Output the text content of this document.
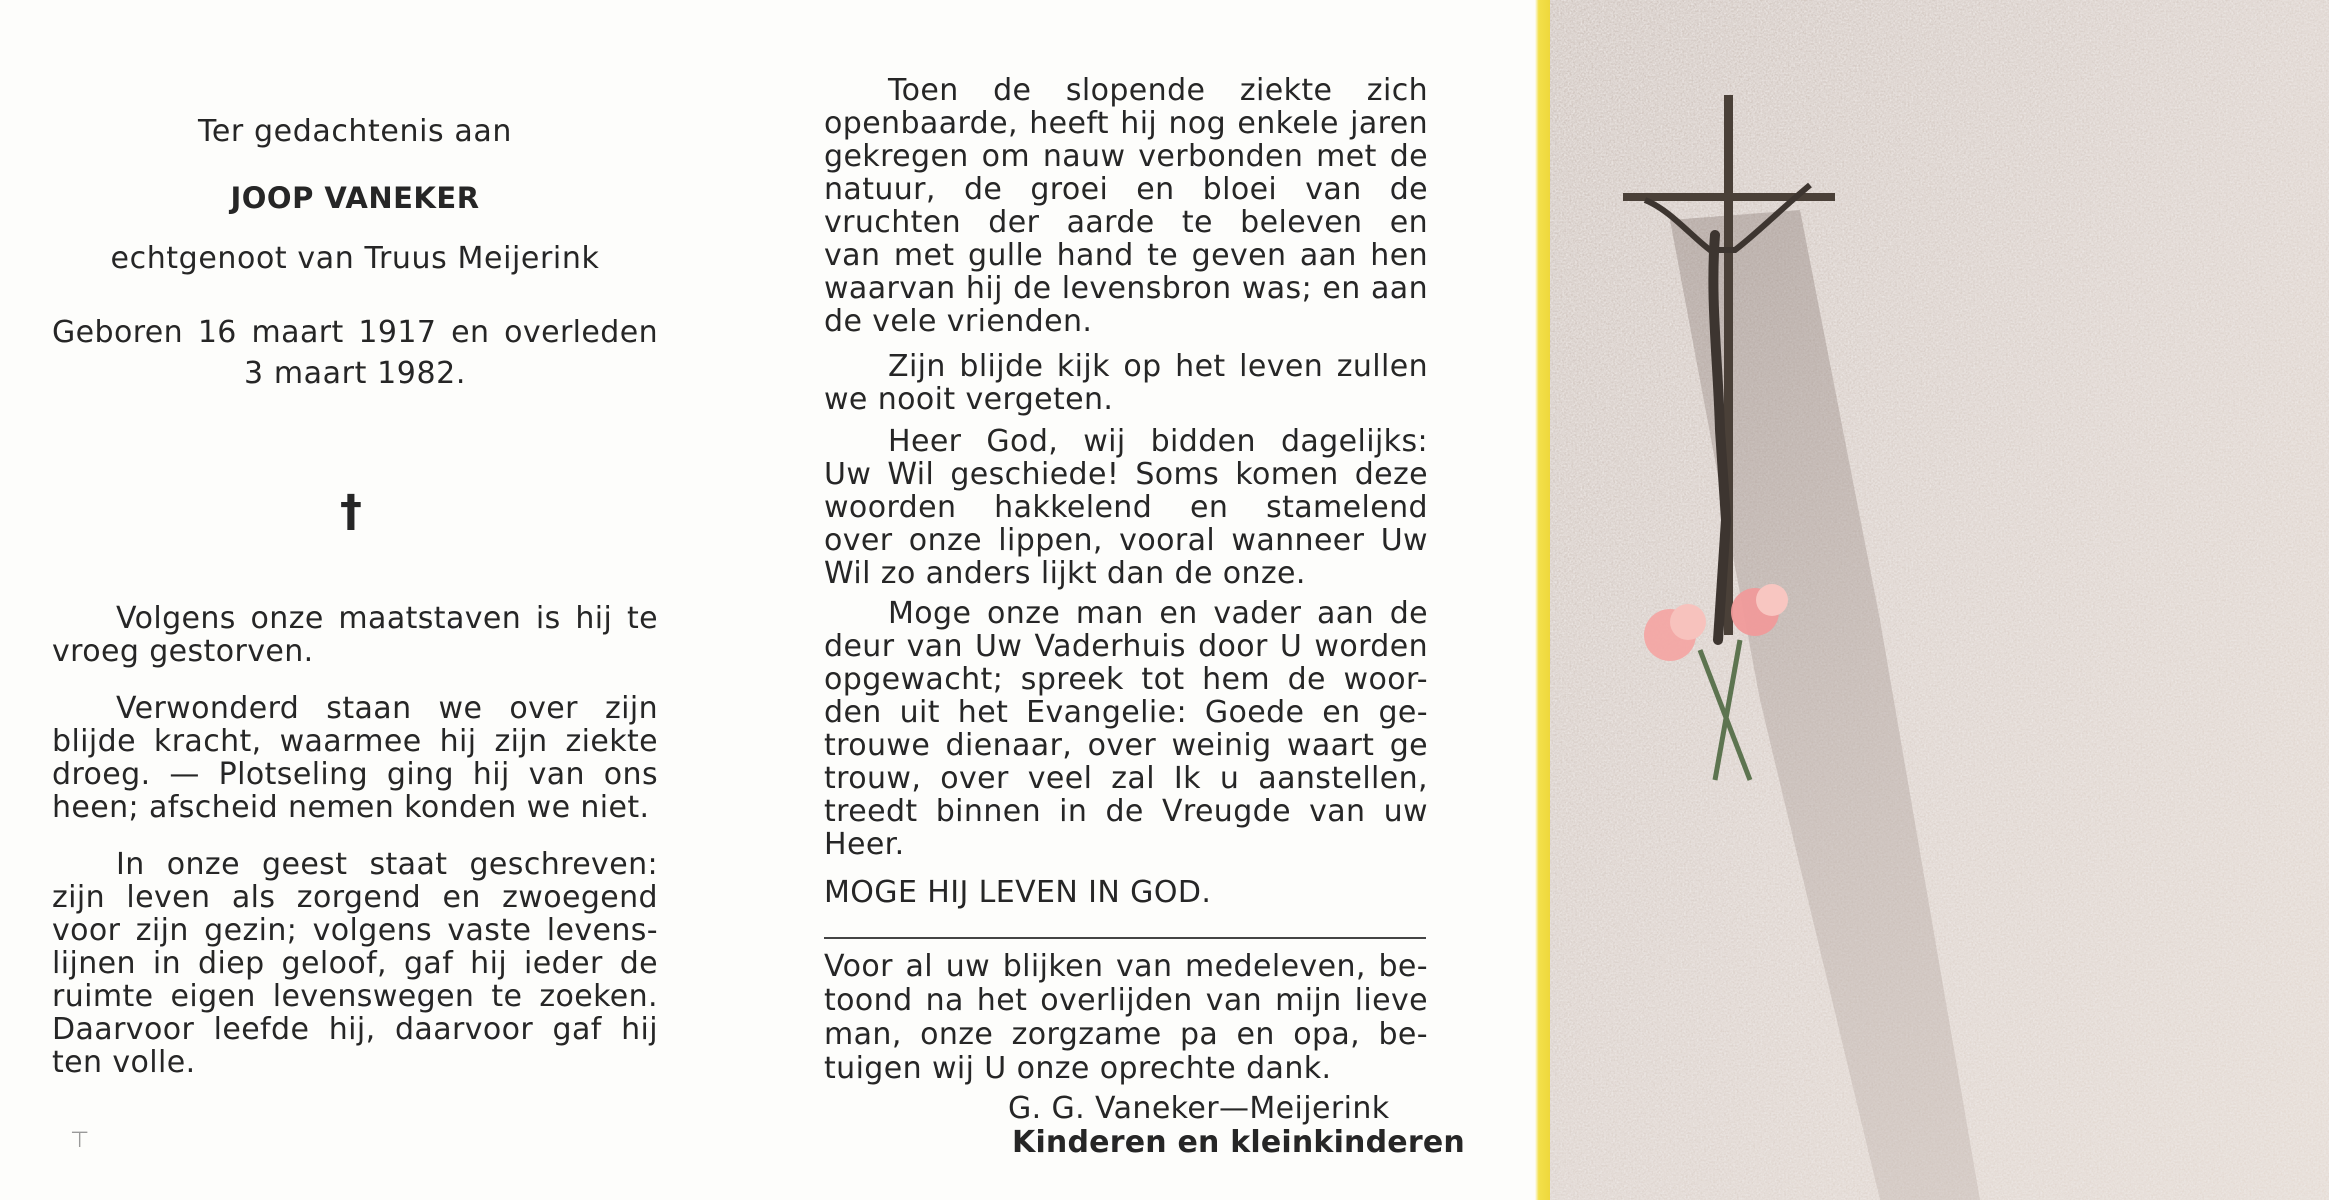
Ter gedachtenis aan
JOOP VANEKER
echtgenoot van Truus Meijerink
Geboren 16 maart 1917 en overleden
3 maart 1982.
Volgens onze maatstaven is hij te
vroeg gestorven.
Verwonderd staan we over zijn
blijde kracht, waarmee hij zijn ziekte
droeg. — Plotseling ging hij van ons
heen; afscheid nemen konden we niet.
In onze geest staat geschreven:
zijn leven als zorgend en zwoegend
voor zijn gezin; volgens vaste levens-
lijnen in diep geloof, gaf hij ieder de
ruimte eigen levenswegen te zoeken.
Daarvoor leefde hij, daarvoor gaf hij
ten volle.
†
⊤
Toen de slopende ziekte zich
openbaarde, heeft hij nog enkele jaren
gekregen om nauw verbonden met de
natuur, de groei en bloei van de
vruchten der aarde te beleven en
van met gulle hand te geven aan hen
waarvan hij de levensbron was; en aan
de vele vrienden.
Zijn blijde kijk op het leven zullen
we nooit vergeten.
Heer God, wij bidden dagelijks:
Uw Wil geschiede! Soms komen deze
woorden hakkelend en stamelend
over onze lippen, vooral wanneer Uw
Wil zo anders lijkt dan de onze.
Moge onze man en vader aan de
deur van Uw Vaderhuis door U worden
opgewacht; spreek tot hem de woor-
den uit het Evangelie: Goede en ge-
trouwe dienaar, over weinig waart ge
trouw, over veel zal Ik u aanstellen,
treedt binnen in de Vreugde van uw
Heer.
MOGE HIJ LEVEN IN GOD.
Voor al uw blijken van medeleven, be-
toond na het overlijden van mijn lieve
man, onze zorgzame pa en opa, be-
tuigen wij U onze oprechte dank.
G. G. Vaneker—Meijerink
Kinderen en kleinkinderen
